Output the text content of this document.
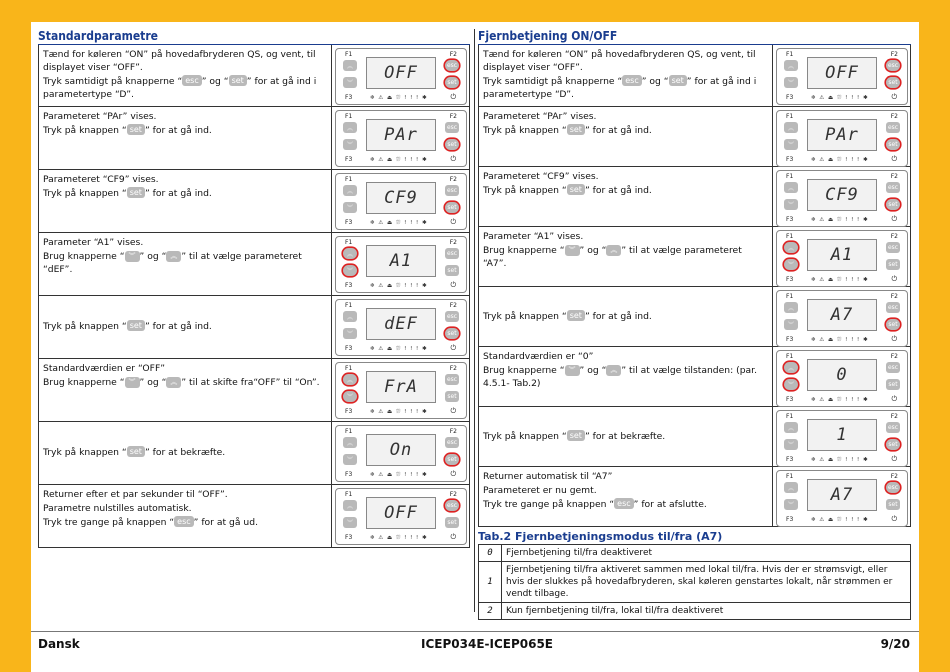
Standardparametre

Tænd for køleren “ON” på hovedafbryderen QS, og vent, til displayet viser “OFF”.

Tryk samtidigt på knapperne “ esc ” og “ set ” for at gå ind i parametertype “D”.

F1	F2
F3
︽
︾
esc
set
OFF
❄ ⚠ ⏏ ⛆ ! ! ! ✱	⏻

Parameteret “PAr” vises.

Tryk på knappen “ set ” for at gå ind.

F1	F2
F3
︽
︾
esc
set
PAr
❄ ⚠ ⏏ ⛆ ! ! ! ✱	⏻

Parameteret “CF9” vises.

Tryk på knappen “ set ” for at gå ind.

F1	F2
F3
︽
︾
esc
set
CF9
❄ ⚠ ⏏ ⛆ ! ! ! ✱	⏻

Parameter “A1” vises.

Brug knapperne “ ︾ ” og “ ︽ ” til at vælge parameteret “dEF”.

F1	F2
F3
︽
︾
esc
set
A1
❄ ⚠ ⏏ ⛆ ! ! ! ✱	⏻

Tryk på knappen “ set ” for at gå ind.

F1	F2
F3
︽
︾
esc
set
dEF
❄ ⚠ ⏏ ⛆ ! ! ! ✱	⏻

Standardværdien er “OFF”

Brug knapperne “ ︾ ” og “ ︽ ” til at skifte fra“OFF” til “On”.

F1	F2
F3
︽
︾
esc
set
FrA
❄ ⚠ ⏏ ⛆ ! ! ! ✱	⏻

Tryk på knappen “ set ” for at bekræfte.

F1	F2
F3
︽
︾
esc
set
On
❄ ⚠ ⏏ ⛆ ! ! ! ✱	⏻

Returner efter et par sekunder til “OFF”.

Parametre nulstilles automatisk.

Tryk tre gange på knappen “ esc ” for at gå ud.

F1	F2
F3
︽
︾
esc
set
OFF
❄ ⚠ ⏏ ⛆ ! ! ! ✱	⏻
Fjernbetjening ON/OFF

Tænd for køleren “ON” på hovedafbryderen QS, og vent, til displayet viser “OFF”.

Tryk samtidigt på knapperne “ esc ” og “ set ” for at gå ind i parametertype “D”.

F1	F2
F3
︽
︾
esc
set
OFF
❄ ⚠ ⏏ ⛆ ! ! ! ✱	⏻

Parameteret “PAr” vises.

Tryk på knappen “ set ” for at gå ind.

F1	F2
F3
︽
︾
esc
set
PAr
❄ ⚠ ⏏ ⛆ ! ! ! ✱	⏻

Parameteret “CF9” vises.

Tryk på knappen “ set ” for at gå ind.

F1	F2
F3
︽
︾
esc
set
CF9
❄ ⚠ ⏏ ⛆ ! ! ! ✱	⏻

Parameter “A1” vises.

Brug knapperne “ ︾ ” og “ ︽ ” til at vælge parameteret “A7”.

F1	F2
F3
︽
︾
esc
set
A1
❄ ⚠ ⏏ ⛆ ! ! ! ✱	⏻

Tryk på knappen “ set ” for at gå ind.

F1	F2
F3
︽
︾
esc
set
A7
❄ ⚠ ⏏ ⛆ ! ! ! ✱	⏻

Standardværdien er “0”

Brug knapperne “ ︾ ” og “ ︽ ” til at vælge tilstanden: (par. 4.5.1- Tab.2)

F1	F2
F3
︽
︾
esc
set
0
❄ ⚠ ⏏ ⛆ ! ! ! ✱	⏻

Tryk på knappen “ set ” for at bekræfte.

F1	F2
F3
︽
︾
esc
set
1
❄ ⚠ ⏏ ⛆ ! ! ! ✱	⏻

Returner automatisk til “A7”

Parameteret er nu gemt.

Tryk tre gange på knappen “ esc ” for at afslutte.

F1	F2
F3
︽
︾
esc
set
A7
❄ ⚠ ⏏ ⛆ ! ! ! ✱	⏻
Tab.2 Fjernbetjeningsmodus til/fra (A7)
0	Fjernbetjening til/fra deaktiveret
1	Fjernbetjening til/fra aktiveret sammen med lokal til/fra. Hvis der er strømsvigt, eller hvis der slukkes på hovedafbryderen, skal køleren genstartes lokalt, når strømmen er vendt tilbage.
2	Kun fjernbetjening til/fra, lokal til/fra deaktiveret
Dansk	ICEP034E-ICEP065E	9/20
